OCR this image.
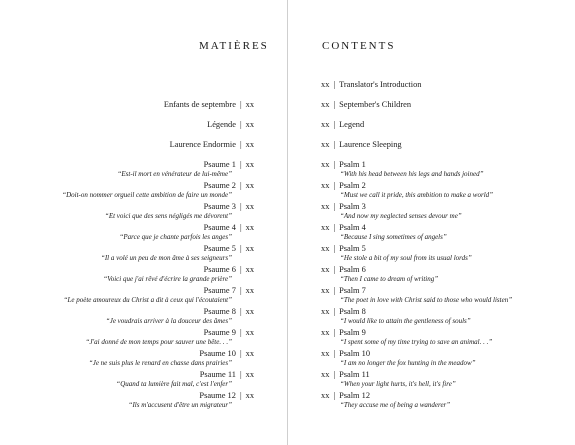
MATIÈRES	CONTENTS
Enfants de septembre | xx
Légende | xx
Laurence Endormie | xx
Psaume 1 | xx
“Est-il mort en vénérateur de lui-même”
Psaume 2 | xx
“Doit-on nommer orgueil cette ambition de faire un monde”
Psaume 3 | xx
“Et voici que des sens négligés me dévorent”
Psaume 4 | xx
“Parce que je chante parfois les anges”
Psaume 5 | xx
“Il a volé un peu de mon âme à ses seigneurs”
Psaume 6 | xx
“Voici que j'ai rêvé d'écrire la grande prière”
Psaume 7 | xx
“Le poète amoureux du Christ a dit à ceux qui l'écoutaient”
Psaume 8 | xx
“Je voudrais arriver à la douceur des âmes”
Psaume 9 | xx
“J'ai donné de mon temps pour sauver une bête. . .”
Psaume 10 | xx
“Je ne suis plus le renard en chasse dans prairies”
Psaume 11 | xx
“Quand ta lumière fait mal, c'est l'enfer”
Psaume 12 | xx
“Ils m'accusent d'être un migrateur”
xx | Translator's Introduction
xx | September's Children
xx | Legend
xx | Laurence Sleeping
xx | Psalm 1
“With his head between his legs and hands joined”
xx | Psalm 2
“Must we call it pride, this ambition to make a world”
xx | Psalm 3
“And now my neglected senses devour me”
xx | Psalm 4
“Because I sing sometimes of angels”
xx | Psalm 5
“He stole a bit of my soul from its usual lords”
xx | Psalm 6
“Then I came to dream of writing”
xx | Psalm 7
“The poet in love with Christ said to those who would listen”
xx | Psalm 8
“I would like to attain the gentleness of souls”
xx | Psalm 9
“I spent some of my time trying to save an animal. . .”
xx | Psalm 10
“I am no longer the fox hunting in the meadow”
xx | Psalm 11
“When your light hurts, it's hell, it's fire”
xx | Psalm 12
“They accuse me of being a wanderer”
